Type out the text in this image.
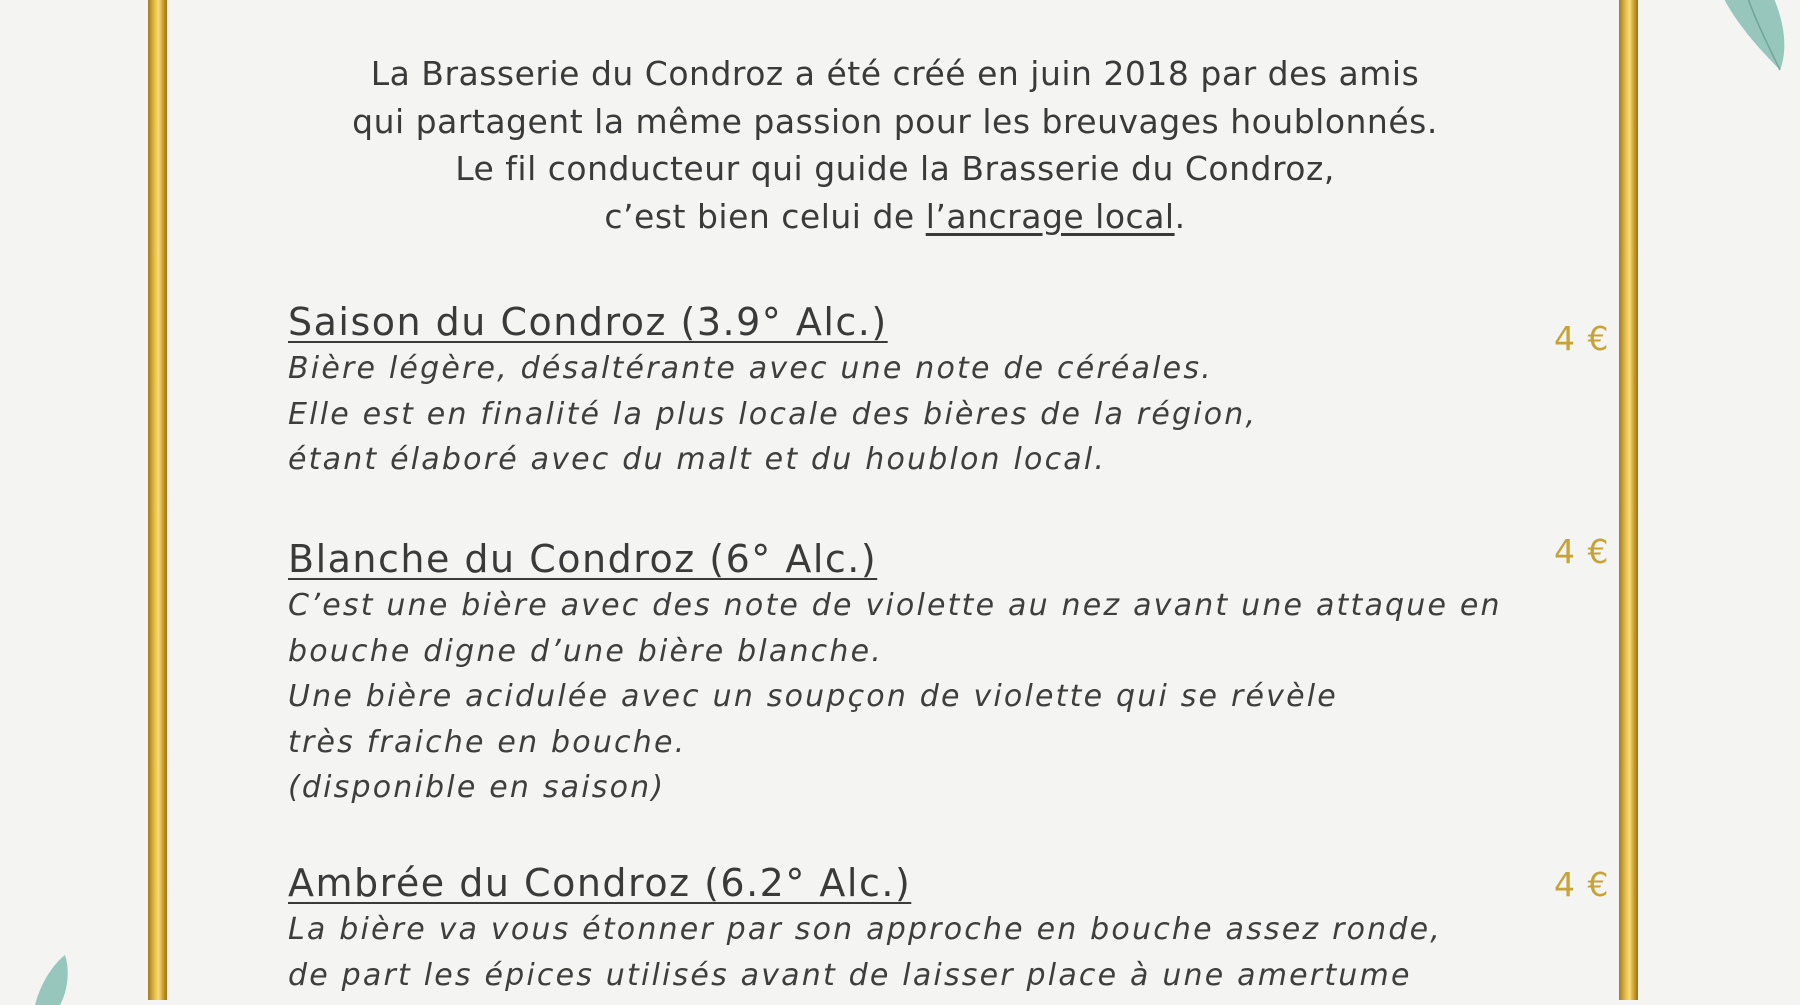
La Brasserie du Condroz a été créé en juin 2018 par des amis
qui partagent la même passion pour les breuvages houblonnés.
Le fil conducteur qui guide la Brasserie du Condroz,
c’est bien celui de l’ancrage local.

Saison du Condroz (3.9° Alc.)
Bière légère, désaltérante avec une note de céréales.
Elle est en finalité la plus locale des bières de la région,
étant élaboré avec du malt et du houblon local.
4 €
Blanche du Condroz (6° Alc.)
C’est une bière avec des note de violette au nez avant une attaque en
bouche digne d’une bière blanche.
Une bière acidulée avec un soupçon de violette qui se révèle
très fraiche en bouche.
(disponible en saison)
4 €
Ambrée du Condroz (6.2° Alc.)
La bière va vous étonner par son approche en bouche assez ronde,
de part les épices utilisés avant de laisser place à une amertume
4 €
